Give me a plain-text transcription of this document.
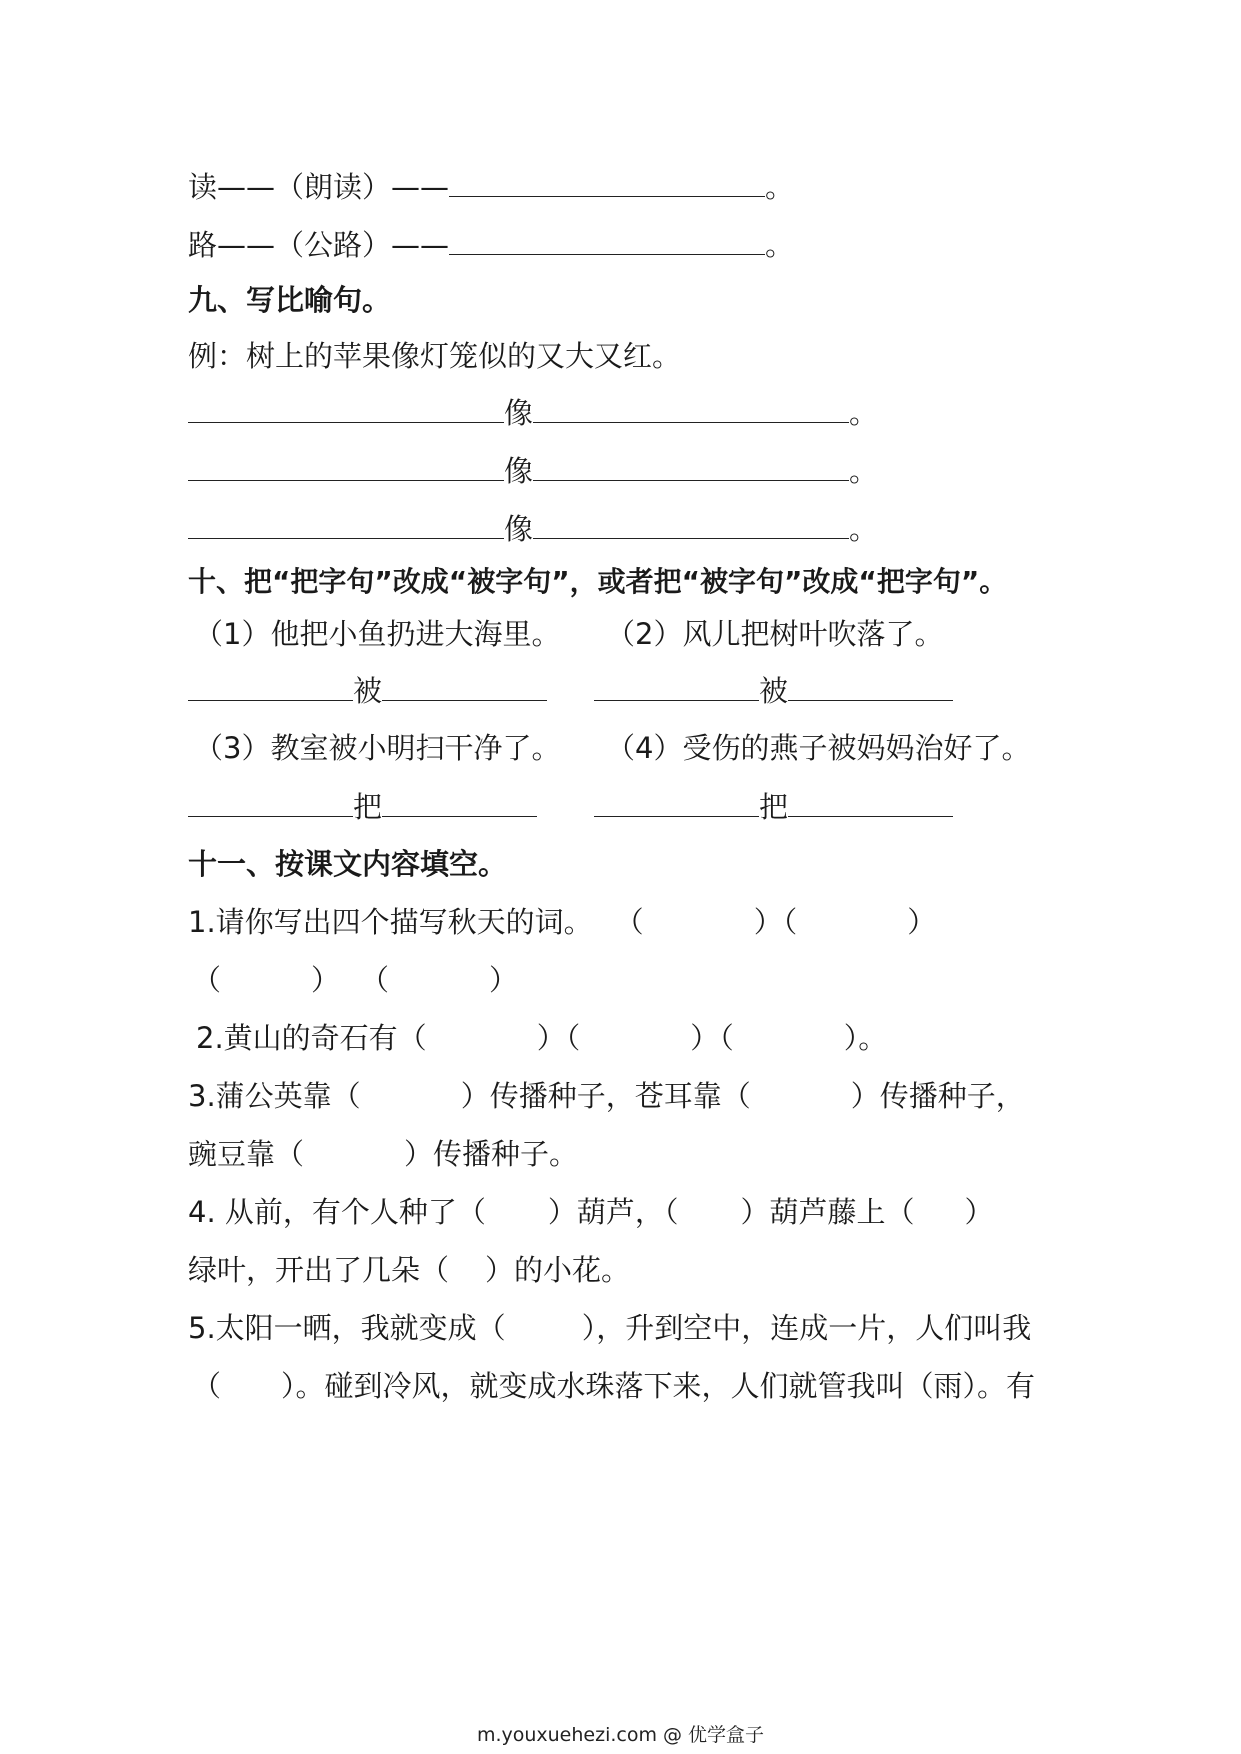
读——（朗读）——	。
路——（公路）——	。
九、写比喻句。
例：树上的苹果像灯笼似的又大又红。
像	。
像	。
像	。
十、把“把字句”改成“被字句”，或者把“被字句”改成“把字句”。
（1）他把小鱼扔进大海里。 （2）风儿把树叶吹落了。
被	被
（3）教室被小明扫干净了。 （4）受伤的燕子被妈妈治好了。
把	把
十一、按课文内容填空。
1.请你写出四个描写秋天的词。 （	）（	）
（	） （	）
2.黄山的奇石有（	）（	）（	）。
3.蒲公英靠（	）传播种子，苍耳靠（	）传播种子，
豌豆靠（	）传播种子。
4. 从前，有个人种了（ ）葫芦，（ ）葫芦藤上（ ）
绿叶，开出了几朵（ ）的小花。
5.太阳一晒，我就变成（	），升到空中，连成一片，人们叫我
（ ）。碰到冷风，就变成水珠落下来，人们就管我叫（雨）。有
m.youxuehezi.com @ 优学盒子
